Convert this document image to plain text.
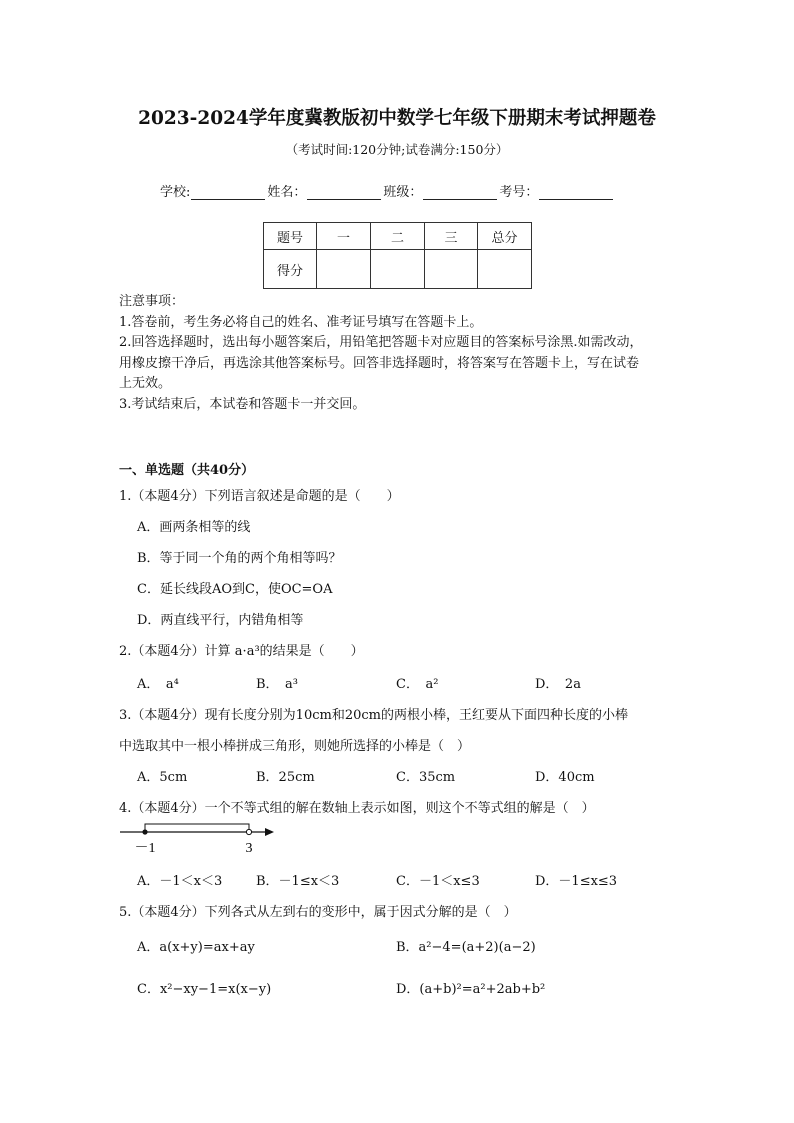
2023-2024学年度冀教版初中数学七年级下册期末考试押题卷
（考试时间:120分钟;试卷满分:150分）
学校:	姓名：	班级：	考号：
题号	一	二	三	总分
得分				
注意事项：
1.答卷前，考生务必将自己的姓名、准考证号填写在答题卡上。
2.回答选择题时，选出每小题答案后，用铅笔把答题卡对应题目的答案标号涂黑.如需改动，
用橡皮擦干净后，再选涂其他答案标号。回答非选择题时，将答案写在答题卡上，写在试卷
上无效。
3.考试结束后，本试卷和答题卡一并交回。
一、单选题（共40分）
1.（本题4分）下列语言叙述是命题的是（　　）
A．画两条相等的线
B．等于同一个角的两个角相等吗？
C．延长线段AO到C，使OC=OA
D．两直线平行，内错角相等
2.（本题4分）计算 a·a³的结果是（　　）
A．　a⁴	B．　a³	C．　a²	D．　2a
3.（本题4分）现有长度分别为10cm和20cm的两根小棒，王红要从下面四种长度的小棒
中选取其中一根小棒拼成三角形，则她所选择的小棒是（　）
A．5cm	B．25cm	C．35cm	D．40cm
4.（本题4分）一个不等式组的解在数轴上表示如图，则这个不等式组的解是（　）
－1	3
A．－1＜x＜3	B．－1≤x＜3	C．－1＜x≤3	D．－1≤x≤3
5.（本题4分）下列各式从左到右的变形中，属于因式分解的是（　）
A．a(x+y)=ax+ay	B．a²−4=(a+2)(a−2)
C．x²−xy−1=x(x−y)	D．(a+b)²=a²+2ab+b²
